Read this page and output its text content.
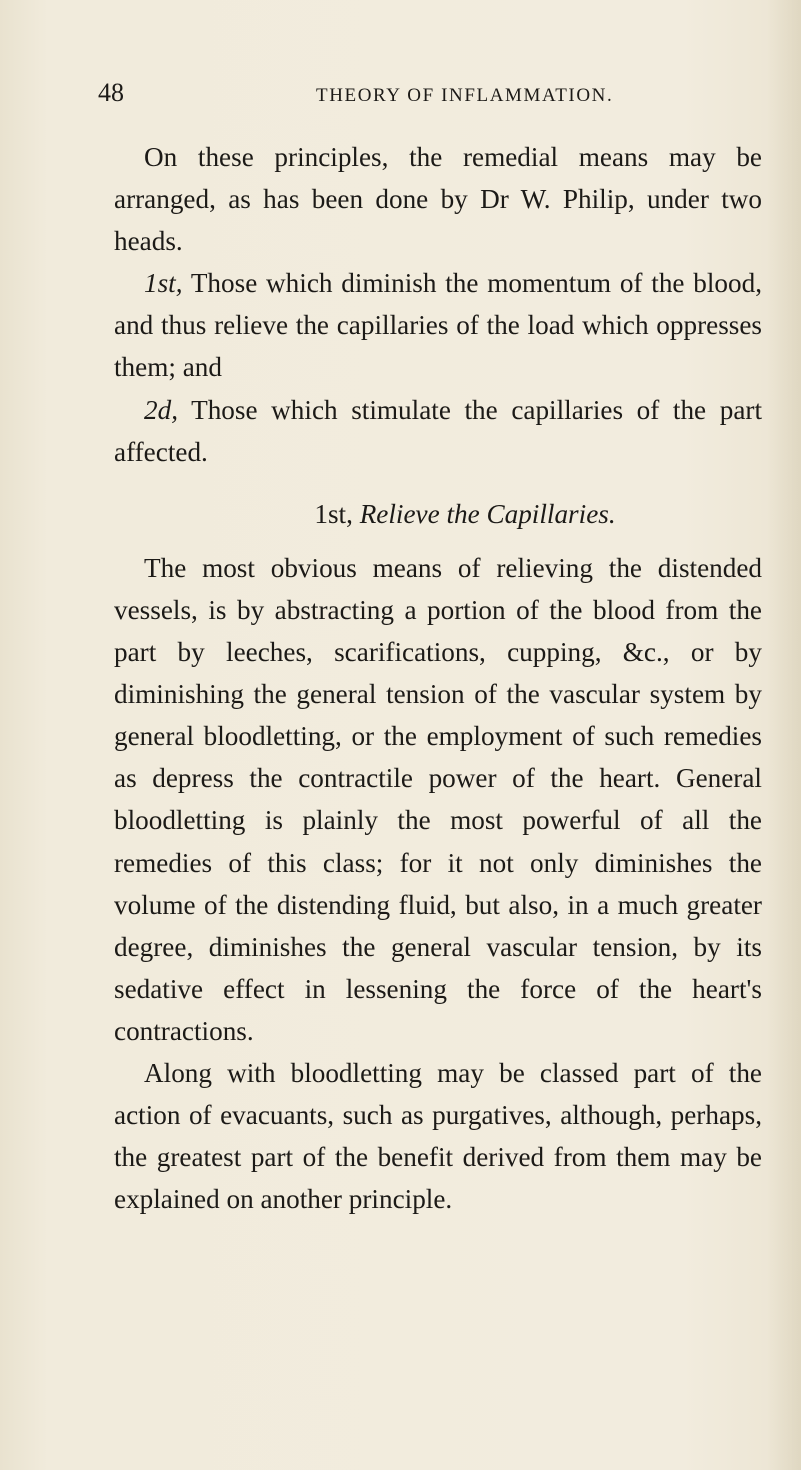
48	THEORY OF INFLAMMATION.

On these principles, the remedial means may be arranged, as has been done by Dr W. Philip, under two heads.

1st, Those which diminish the momentum of the blood, and thus relieve the capillaries of the load which oppresses them; and

2d, Those which stimulate the capillaries of the part affected.

1st, Relieve the Capillaries.

The most obvious means of relieving the distended vessels, is by abstracting a portion of the blood from the part by leeches, scarifications, cupping, &c., or by diminishing the general tension of the vascular system by general bloodletting, or the employment of such remedies as depress the contractile power of the heart. General bloodletting is plainly the most powerful of all the remedies of this class; for it not only diminishes the volume of the distending fluid, but also, in a much greater degree, diminishes the general vascular tension, by its sedative effect in lessening the force of the heart's contractions.

Along with bloodletting may be classed part of the action of evacuants, such as purgatives, although, perhaps, the greatest part of the benefit derived from them may be explained on another principle.
